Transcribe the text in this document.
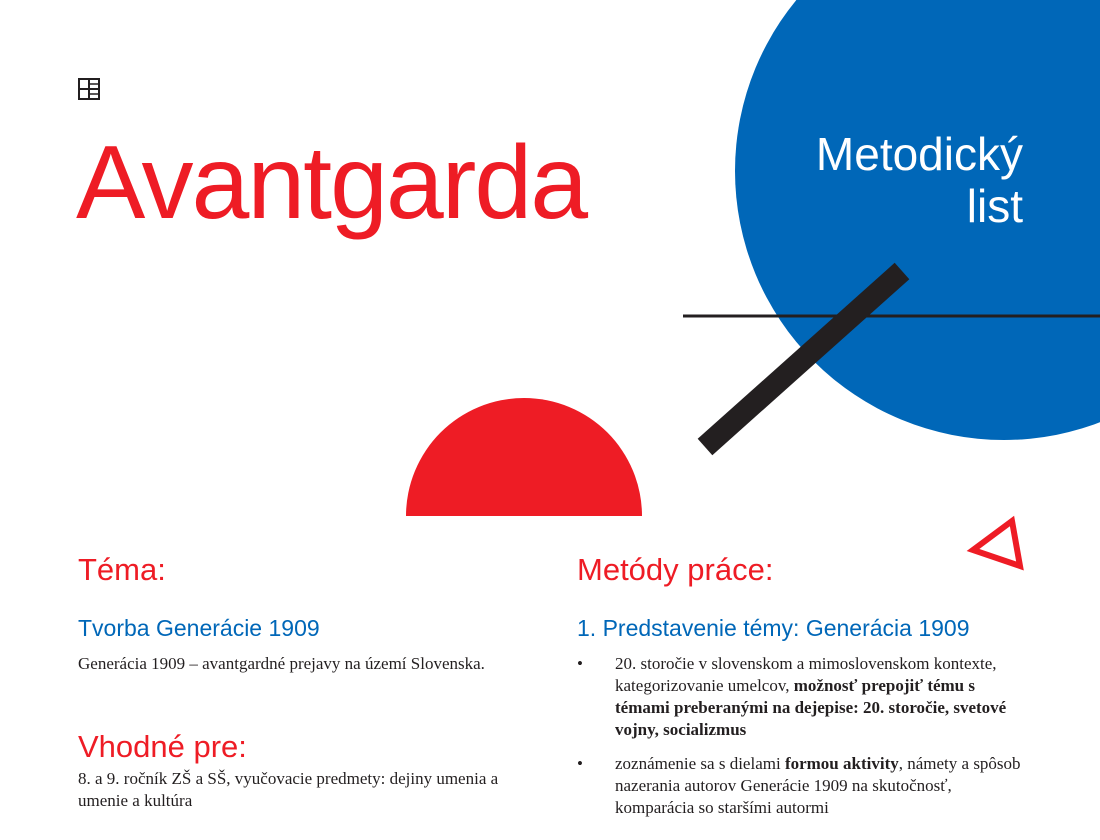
Avantgarda	Metodický
list

Téma:
Tvorba Generácie 1909

Generácia 1909 – avantgardné prejavy na území Slovenska.

Vhodné pre:

8. a 9. ročník ZŠ a SŠ, vyučovacie predmety: dejiny umenia a umenie a kultúra

Metódy práce:
1. Predstavenie témy: Generácia 1909
• 20. storočie v slovenskom a mimoslovenskom kontexte, kategorizovanie umelcov, možnosť prepojiť tému s témami preberanými na dejepise: 20. storočie, svetové vojny, socializmus
• zoznámenie sa s dielami formou aktivity, námety a spôsob nazerania autorov Generácie 1909 na skutočnosť, komparácia so staršími autormi
